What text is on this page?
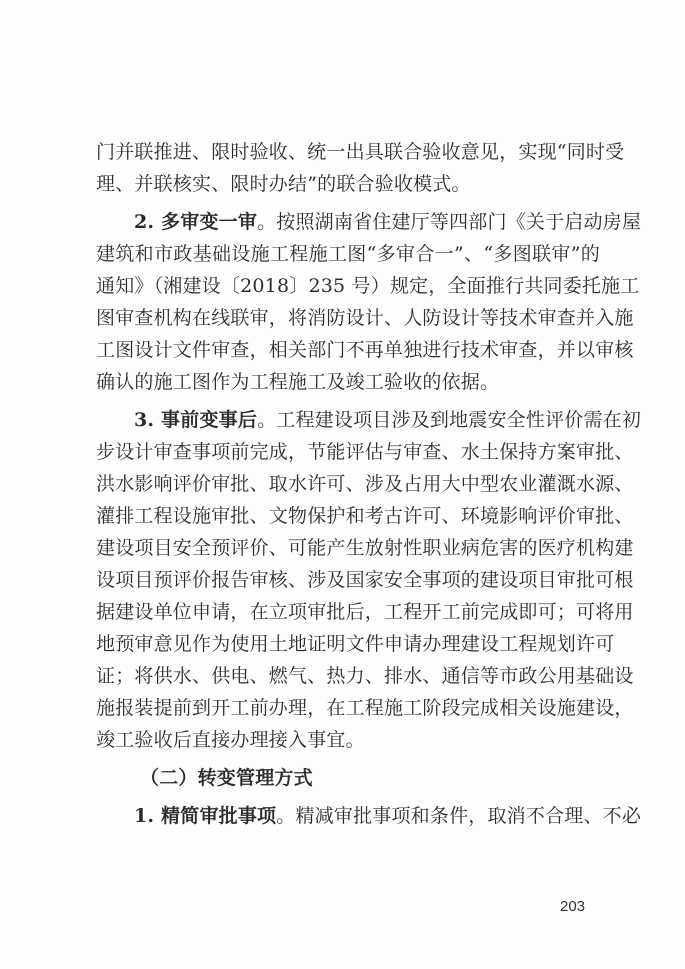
门并联推进、限时验收、统一出具联合验收意见，实现“同时受
理、并联核实、限时办结”的联合验收模式。
2. 多审变一审。按照湖南省住建厅等四部门《关于启动房屋
建筑和市政基础设施工程施工图“多审合一”、“多图联审”的
通知》（湘建设〔2018〕235 号）规定，全面推行共同委托施工
图审查机构在线联审，将消防设计、人防设计等技术审查并入施
工图设计文件审查，相关部门不再单独进行技术审查，并以审核
确认的施工图作为工程施工及竣工验收的依据。
3. 事前变事后。工程建设项目涉及到地震安全性评价需在初
步设计审查事项前完成，节能评估与审查、水土保持方案审批、
洪水影响评价审批、取水许可、涉及占用大中型农业灌溉水源、
灌排工程设施审批、文物保护和考古许可、环境影响评价审批、
建设项目安全预评价、可能产生放射性职业病危害的医疗机构建
设项目预评价报告审核、涉及国家安全事项的建设项目审批可根
据建设单位申请，在立项审批后，工程开工前完成即可；可将用
地预审意见作为使用土地证明文件申请办理建设工程规划许可
证；将供水、供电、燃气、热力、排水、通信等市政公用基础设
施报装提前到开工前办理，在工程施工阶段完成相关设施建设，
竣工验收后直接办理接入事宜。
（二）转变管理方式
1. 精简审批事项。精减审批事项和条件，取消不合理、不必
203
